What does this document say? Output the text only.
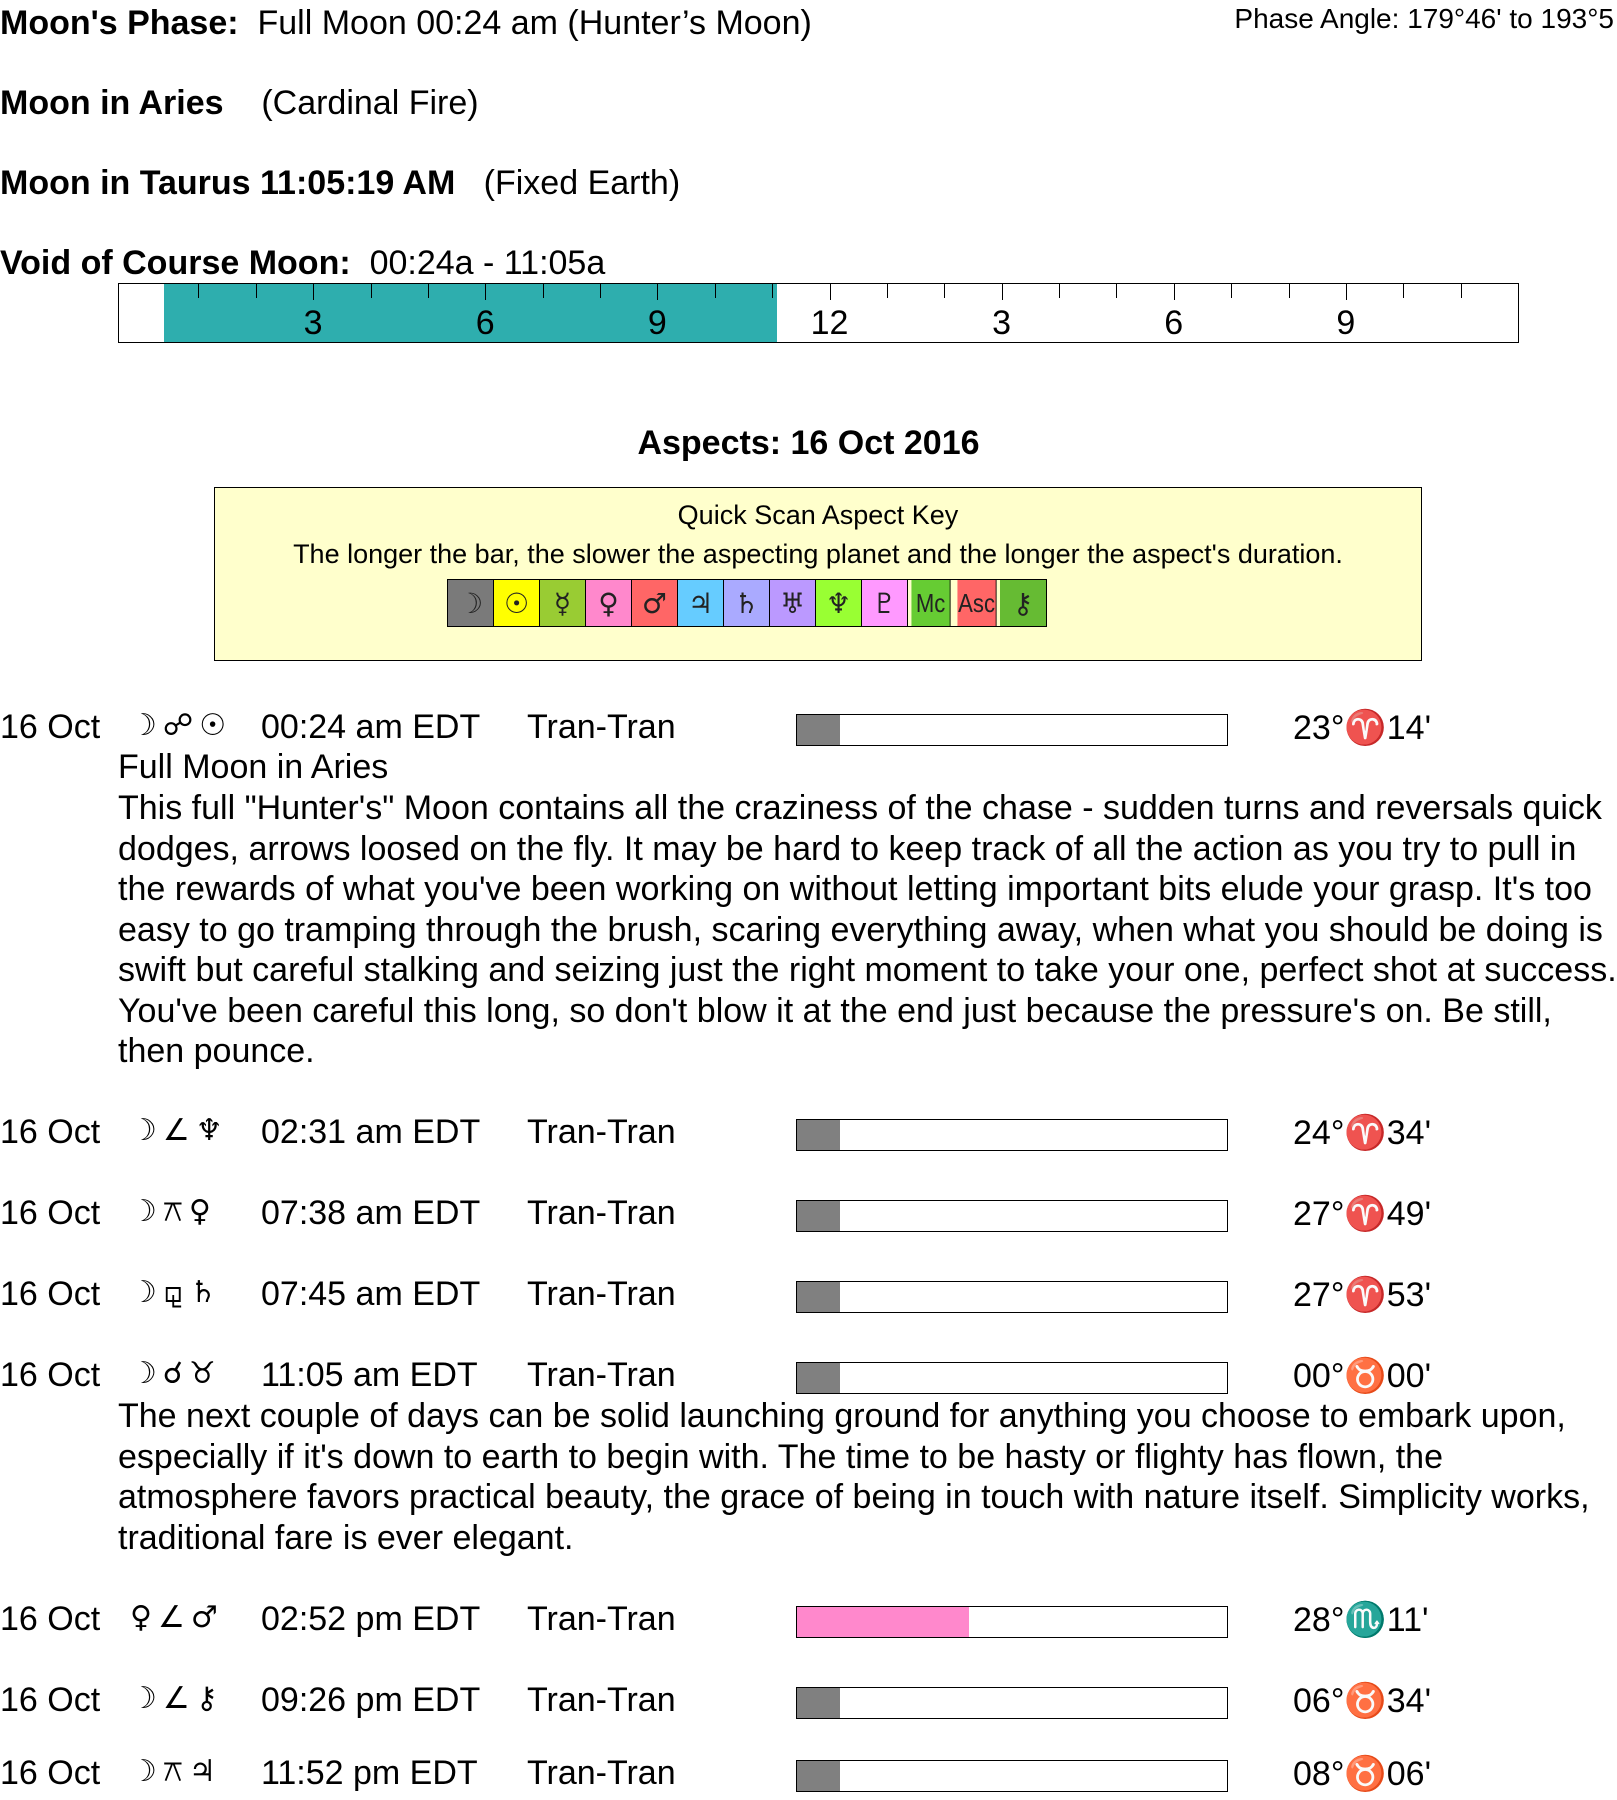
Moon's Phase: Full Moon 00:24 am (Hunter’s Moon)	Phase Angle: 179°46' to 193°5
Moon in Aries (Cardinal Fire)
Moon in Taurus 11:05:19 AM (Fixed Earth)
Void of Course Moon: 00:24a - 11:05a
3	6	9	12	3	6	9
Aspects: 16 Oct 2016
Quick Scan Aspect Key
The longer the bar, the slower the aspecting planet and the longer the aspect's duration.
☽ ☉ ☿ ♀ ♂ ♃ ♄ ♅ ♆ ♇ Mc Asc ⚷
16 Oct ☽☍☉ 00:24 am EDT Tran-Tran	23°♈14'
Full Moon in Aries
This full "Hunter's" Moon contains all the craziness of the chase - sudden turns and reversals quick dodges, arrows loosed on the fly. It may be hard to keep track of all the action as you try to pull in the rewards of what you've been working on without letting important bits elude your grasp. It's too easy to go tramping through the brush, scaring everything away, when what you should be doing is swift but careful stalking and seizing just the right moment to take your one, perfect shot at success. You've been careful this long, so don't blow it at the end just because the pressure's on. Be still, then pounce.
16 Oct ☽∠♆ 02:31 am EDT Tran-Tran	24°♈34'
16 Oct ☽⚻♀ 07:38 am EDT Tran-Tran	27°♈49'
16 Oct ☽⚼♄ 07:45 am EDT Tran-Tran	27°♈53'
16 Oct ☽☌♉ 11:05 am EDT Tran-Tran	00°♉00'
The next couple of days can be solid launching ground for anything you choose to embark upon, especially if it's down to earth to begin with. The time to be hasty or flighty has flown, the atmosphere favors practical beauty, the grace of being in touch with nature itself. Simplicity works, traditional fare is ever elegant.
16 Oct ♀∠♂ 02:52 pm EDT Tran-Tran	28°♏11'
16 Oct ☽∠⚷ 09:26 pm EDT Tran-Tran	06°♉34'
16 Oct ☽⚻♃ 11:52 pm EDT Tran-Tran	08°♉06'
